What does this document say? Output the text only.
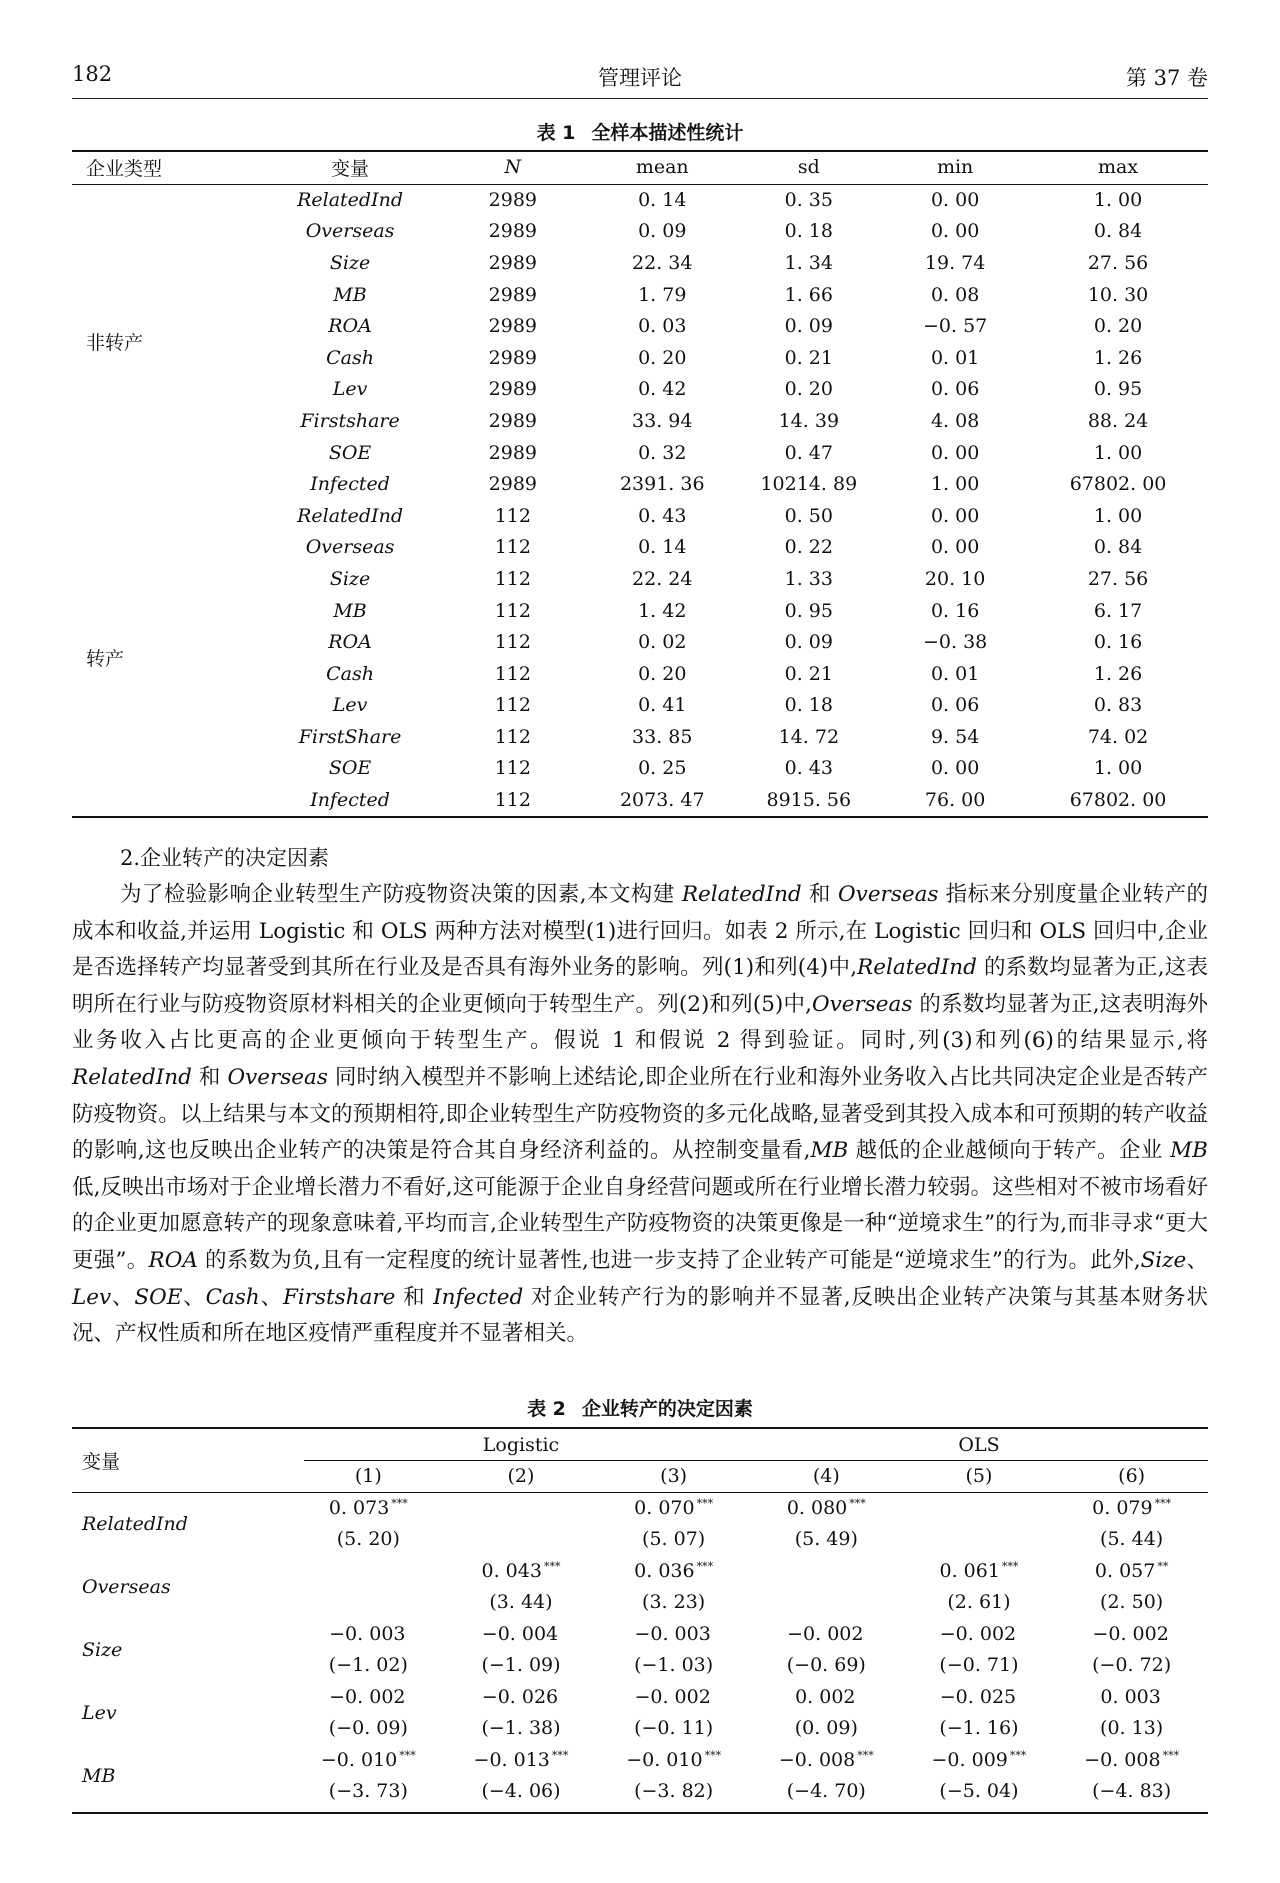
182	管理评论	第 37 卷
表 1 全样本描述性统计
企业类型	变量	N	mean	sd	min	max
非转产	RelatedInd	2989	0. 14	0. 35	0. 00	1. 00
	Overseas	2989	0. 09	0. 18	0. 00	0. 84
	Size	2989	22. 34	1. 34	19. 74	27. 56
	MB	2989	1. 79	1. 66	0. 08	10. 30
	ROA	2989	0. 03	0. 09	−0. 57	0. 20
	Cash	2989	0. 20	0. 21	0. 01	1. 26
	Lev	2989	0. 42	0. 20	0. 06	0. 95
	Firstshare	2989	33. 94	14. 39	4. 08	88. 24
	SOE	2989	0. 32	0. 47	0. 00	1. 00
	Infected	2989	2391. 36	10214. 89	1. 00	67802. 00
转产	RelatedInd	112	0. 43	0. 50	0. 00	1. 00
	Overseas	112	0. 14	0. 22	0. 00	0. 84
	Size	112	22. 24	1. 33	20. 10	27. 56
	MB	112	1. 42	0. 95	0. 16	6. 17
	ROA	112	0. 02	0. 09	−0. 38	0. 16
	Cash	112	0. 20	0. 21	0. 01	1. 26
	Lev	112	0. 41	0. 18	0. 06	0. 83
	FirstShare	112	33. 85	14. 72	9. 54	74. 02
	SOE	112	0. 25	0. 43	0. 00	1. 00
	Infected	112	2073. 47	8915. 56	76. 00	67802. 00
2.企业转产的决定因素

为了检验影响企业转型生产防疫物资决策的因素,本文构建 RelatedInd 和 Overseas 指标来分别度量企业转产的成本和收益,并运用 Logistic 和 OLS 两种方法对模型(1)进行回归。如表 2 所示,在 Logistic 回归和 OLS 回归中,企业是否选择转产均显著受到其所在行业及是否具有海外业务的影响。列(1)和列(4)中,RelatedInd 的系数均显著为正,这表明所在行业与防疫物资原材料相关的企业更倾向于转型生产。列(2)和列(5)中,Overseas 的系数均显著为正,这表明海外业务收入占比更高的企业更倾向于转型生产。假说 1 和假说 2 得到验证。同时,列(3)和列(6)的结果显示,将 RelatedInd 和 Overseas 同时纳入模型并不影响上述结论,即企业所在行业和海外业务收入占比共同决定企业是否转产防疫物资。以上结果与本文的预期相符,即企业转型生产防疫物资的多元化战略,显著受到其投入成本和可预期的转产收益的影响,这也反映出企业转产的决策是符合其自身经济利益的。从控制变量看,MB 越低的企业越倾向于转产。企业 MB 低,反映出市场对于企业增长潜力不看好,这可能源于企业自身经营问题或所在行业增长潜力较弱。这些相对不被市场看好的企业更加愿意转产的现象意味着,平均而言,企业转型生产防疫物资的决策更像是一种“逆境求生”的行为,而非寻求“更大更强”。ROA 的系数为负,且有一定程度的统计显著性,也进一步支持了企业转产可能是“逆境求生”的行为。此外,Size、Lev、SOE、Cash、Firstshare 和 Infected 对企业转产行为的影响并不显著,反映出企业转产决策与其基本财务状况、产权性质和所在地区疫情严重程度并不显著相关。

表 2 企业转产的决定因素
变量	Logistic			OLS		
	(1)	(2)	(3)	(4)	(5)	(6)
RelatedInd	0. 073 ***		0. 070 ***	0. 080 ***		0. 079 ***
	(5. 20)		(5. 07)	(5. 49)		(5. 44)
Overseas		0. 043 ***	0. 036 ***		0. 061 ***	0. 057 **
		(3. 44)	(3. 23)		(2. 61)	(2. 50)
Size	−0. 003	−0. 004	−0. 003	−0. 002	−0. 002	−0. 002
	(−1. 02)	(−1. 09)	(−1. 03)	(−0. 69)	(−0. 71)	(−0. 72)
Lev	−0. 002	−0. 026	−0. 002	0. 002	−0. 025	0. 003
	(−0. 09)	(−1. 38)	(−0. 11)	(0. 09)	(−1. 16)	(0. 13)
MB	−0. 010 ***	−0. 013 ***	−0. 010 ***	−0. 008 ***	−0. 009 ***	−0. 008 ***
	(−3. 73)	(−4. 06)	(−3. 82)	(−4. 70)	(−5. 04)	(−4. 83)
